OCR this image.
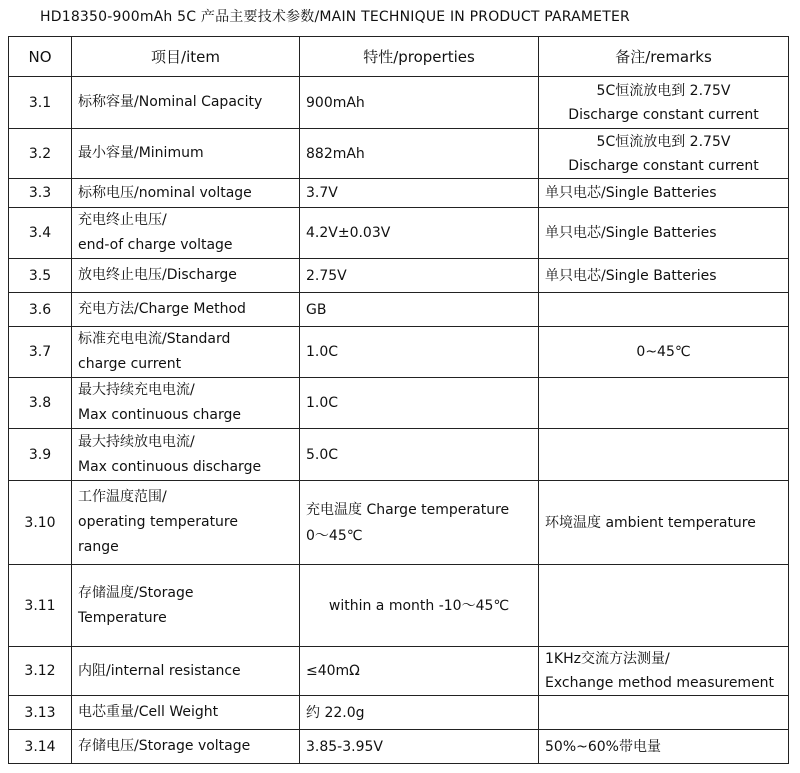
HD18350-900mAh 5C 产品主要技术参数/MAIN TECHNIQUE IN PRODUCT PARAMETER
NO	项目/item	特性/properties	备注/remarks
3.1	标称容量/Nominal Capacity	900mAh	5C恒流放电到 2.75V
Discharge constant current

3.2	最小容量/Minimum	882mAh	5C恒流放电到 2.75V
Discharge constant current

3.3	标称电压/nominal voltage	3.7V	单只电芯/Single Batteries

3.4	充电终止电压/
end-of charge voltage	4.2V±0.03V	单只电芯/Single Batteries

3.5	放电终止电压/Discharge	2.75V	单只电芯/Single Batteries

3.6	充电方法/Charge Method	GB	

3.7	标准充电电流/Standard
charge current	1.0C	0~45℃

3.8	最大持续充电电流/
Max continuous charge	1.0C	

3.9	最大持续放电电流/
Max continuous discharge	5.0C	

3.10	工作温度范围/
operating temperature
range	充电温度 Charge temperature
0～45℃	环境温度 ambient temperature

3.11	存储温度/Storage
Temperature	within a month -10～45℃	

3.12	内阻/internal resistance	≤40mΩ	1KHz交流方法测量/
Exchange method measurement

3.13	电芯重量/Cell Weight	约 22.0g	

3.14	存储电压/Storage voltage	3.85-3.95V	50%~60%带电量
